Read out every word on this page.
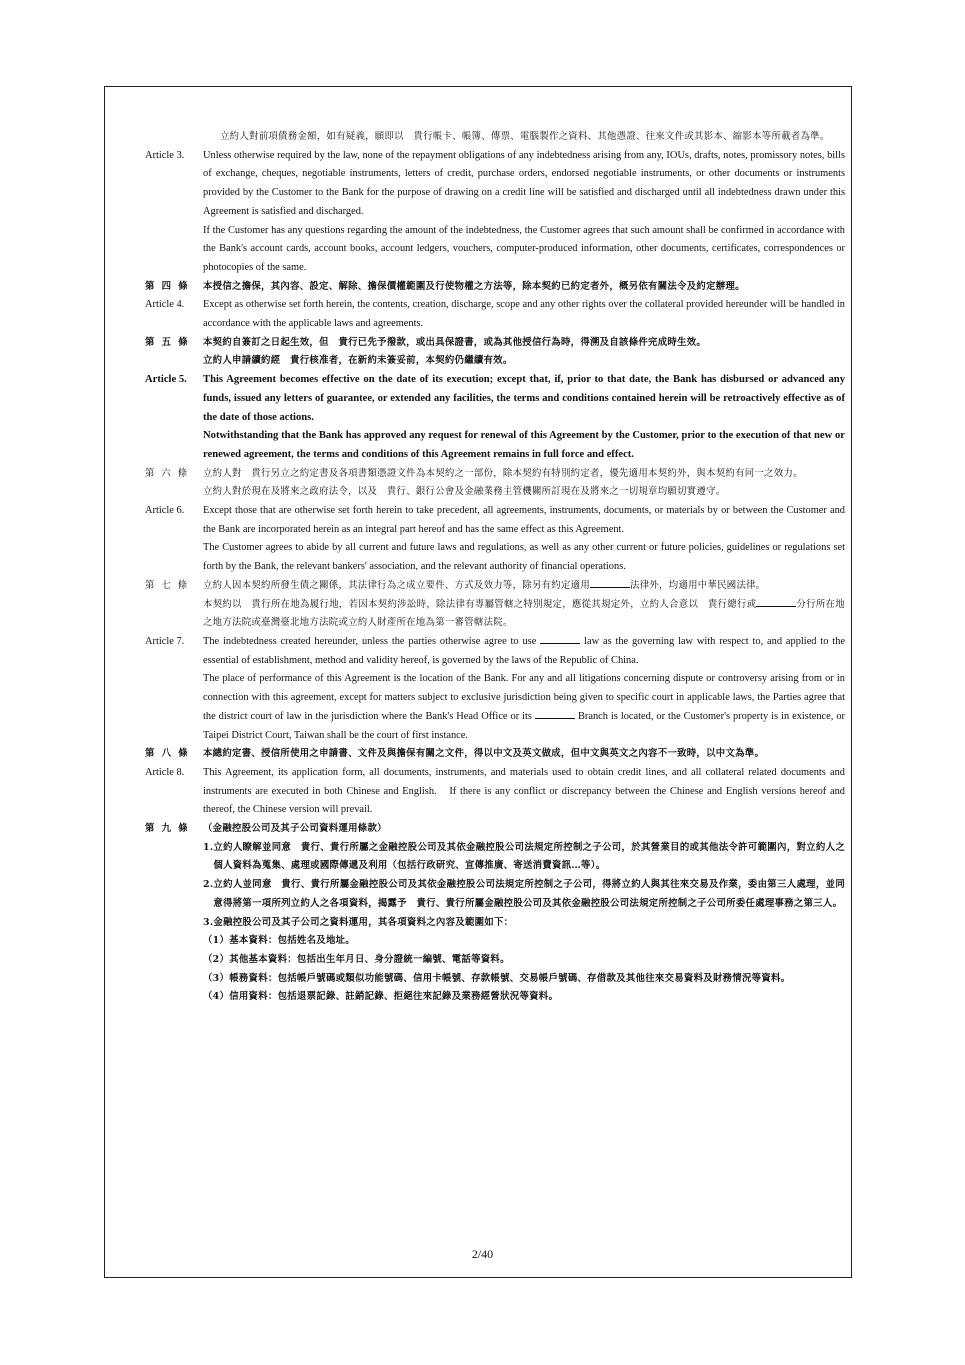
立約人對前項債務金額，如有疑義，願即以　貴行帳卡、帳簿、傳票、電腦製作之資料、其他憑證、往來文件或其影本、縮影本等所載者為準。
Article 3.	Unless otherwise required by the law, none of the repayment obligations of any indebtedness arising from any, IOUs, drafts, notes, promissory notes, bills of exchange, cheques, negotiable instruments, letters of credit, purchase orders, endorsed negotiable instruments, or other documents or instruments provided by the Customer to the Bank for the purpose of drawing on a credit line will be satisfied and discharged until all indebtedness drawn under this Agreement is satisfied and discharged.
If the Customer has any questions regarding the amount of the indebtedness, the Customer agrees that such amount shall be confirmed in accordance with the Bank's account cards, account books, account ledgers, vouchers, computer-produced information, other documents, certificates, correspondences or photocopies of the same.
第 四 條	本授信之擔保，其內容、設定、解除、擔保價權範圍及行使物權之方法等，除本契約已約定者外，概另依有關法令及約定辦理。
Article 4.	Except as otherwise set forth herein, the contents, creation, discharge, scope and any other rights over the collateral provided hereunder will be handled in accordance with the applicable laws and agreements.
第 五 條	本契約自簽訂之日起生效，但　貴行已先予撥款，或出具保證書，或為其他授信行為時，得溯及自該條件完成時生效。
立約人申請續約經　貴行核准者，在新約未簽妥前，本契約仍繼續有效。
Article 5.	This Agreement becomes effective on the date of its execution; except that, if, prior to that date, the Bank has disbursed or advanced any funds, issued any letters of guarantee, or extended any facilities, the terms and conditions contained herein will be retroactively effective as of the date of those actions.
Notwithstanding that the Bank has approved any request for renewal of this Agreement by the Customer, prior to the execution of that new or renewed agreement, the terms and conditions of this Agreement remains in full force and effect.
第 六 條	立約人對　貴行另立之約定書及各項書類憑證文件為本契約之一部份，除本契約有特別約定者，優先適用本契約外，與本契約有同一之效力。
立約人對於現在及將來之政府法令，以及　貴行、銀行公會及金融業務主管機關所訂現在及將來之一切規章均願切實遵守。
Article 6.	Except those that are otherwise set forth herein to take precedent, all agreements, instruments, documents, or materials by or between the Customer and the Bank are incorporated herein as an integral part hereof and has the same effect as this Agreement.
The Customer agrees to abide by all current and future laws and regulations, as well as any other current or future policies, guidelines or regulations set forth by the Bank, the relevant bankers' association, and the relevant authority of financial operations.
第 七 條	立約人因本契約所發生債之關係，其法律行為之成立要件、方式及效力等，除另有約定適用	法律外，均適用中華民國法律。
本契約以　貴行所在地為履行地，若因本契約涉訟時，除法律有專屬管轄之特別規定，應從其規定外，立約人合意以　貴行總行或	分行所在地之地方法院或臺灣臺北地方法院或立約人財產所在地為第一審管轄法院。
Article 7.	The indebtedness created hereunder, unless the parties otherwise agree to use	law as the governing law with respect to, and applied to the essential of establishment, method and validity hereof, is governed by the laws of the Republic of China.
The place of performance of this Agreement is the location of the Bank. For any and all litigations concerning dispute or controversy arising from or in connection with this agreement, except for matters subject to exclusive jurisdiction being given to specific court in applicable laws, the Parties agree that the district court of law in the jurisdiction where the Bank's Head Office or its	Branch is located, or the Customer's property is in existence, or Taipei District Court, Taiwan shall be the court of first instance.
第 八 條	本總約定書、授信所使用之申請書、文件及與擔保有關之文件，得以中文及英文做成，但中文與英文之內容不一致時，以中文為準。
Article 8.	This Agreement, its application form, all documents, instruments, and materials used to obtain credit lines, and all collateral related documents and instruments are executed in both Chinese and English.　If there is any conflict or discrepancy between the Chinese and English versions hereof and thereof, the Chinese version will prevail.
第 九 條	（金融控股公司及其子公司資料運用條款）
1. 立約人瞭解並同意　貴行、貴行所屬之金融控股公司及其依金融控股公司法規定所控制之子公司，於其營業目的或其他法令許可範圍內，對立約人之個人資料為蒐集、處理或國際傳遞及利用（包括行政研究、宣傳推廣、寄送消費資訊…等）。
2. 立約人並同意　貴行、貴行所屬金融控股公司及其依金融控股公司法規定所控制之子公司，得將立約人與其往來交易及作業，委由第三人處理，並同意得將第一項所列立約人之各項資料，揭露予　貴行、貴行所屬金融控股公司及其依金融控股公司法規定所控制之子公司所委任處理事務之第三人。
3. 金融控股公司及其子公司之資料運用，其各項資料之內容及範圍如下：
（1） 基本資料：包括姓名及地址。
（2） 其他基本資料：包括出生年月日、身分證統一編號、電話等資料。
（3） 帳務資料：包括帳戶號碼或類似功能號碼、信用卡帳號、存款帳號、交易帳戶號碼、存借款及其他往來交易資料及財務情況等資料。
（4） 信用資料：包括退票記錄、註銷記錄、拒絕往來記錄及業務經營狀況等資料。
2/40
